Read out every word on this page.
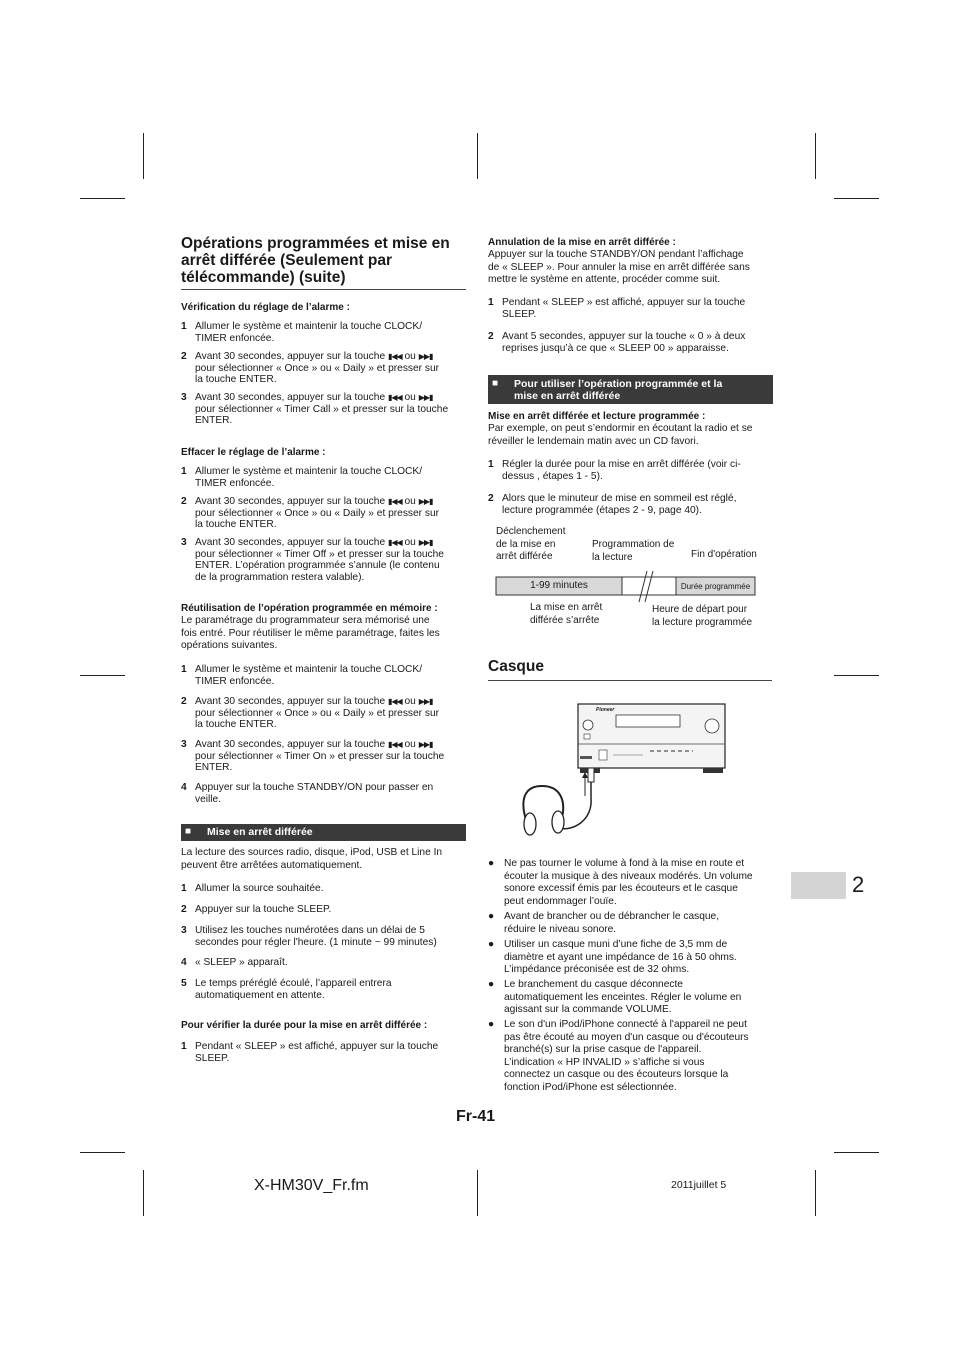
Opérations programmées et mise en
arrêt différée (Seulement par
télécommande) (suite)
Vérification du réglage de l’alarme :
1 Allumer le système et maintenir la touche CLOCK/
TIMER enfoncée.
2 Avant 30 secondes, appuyer sur la touche ▮◀◀ ou ▶▶▮
pour sélectionner « Once » ou « Daily » et presser sur
la touche ENTER.
3 Avant 30 secondes, appuyer sur la touche ▮◀◀ ou ▶▶▮
pour sélectionner « Timer Call » et presser sur la touche
ENTER.
Effacer le réglage de l’alarme :
1 Allumer le système et maintenir la touche CLOCK/
TIMER enfoncée.
2 Avant 30 secondes, appuyer sur la touche ▮◀◀ ou ▶▶▮
pour sélectionner « Once » ou « Daily » et presser sur
la touche ENTER.
3 Avant 30 secondes, appuyer sur la touche ▮◀◀ ou ▶▶▮
pour sélectionner « Timer Off » et presser sur la touche
ENTER. L’opération programmée s’annule (le contenu
de la programmation restera valable).
Réutilisation de l’opération programmée en mémoire :
Le paramétrage du programmateur sera mémorisé une
fois entré. Pour réutiliser le même paramétrage, faites les
opérations suivantes.
1 Allumer le système et maintenir la touche CLOCK/
TIMER enfoncée.
2 Avant 30 secondes, appuyer sur la touche ▮◀◀ ou ▶▶▮
pour sélectionner « Once » ou « Daily » et presser sur
la touche ENTER.
3 Avant 30 secondes, appuyer sur la touche ▮◀◀ ou ▶▶▮
pour sélectionner « Timer On » et presser sur la touche
ENTER.
4 Appuyer sur la touche STANDBY/ON pour passer en
veille.
■ Mise en arrêt différée
La lecture des sources radio, disque, iPod, USB et Line In
peuvent être arrêtées automatiquement.
1 Allumer la source souhaitée.
2 Appuyer sur la touche SLEEP.
3 Utilisez les touches numérotées dans un délai de 5
secondes pour régler l'heure. (1 minute ~ 99 minutes)
4 « SLEEP » apparaît.
5 Le temps préréglé écoulé, l’appareil entrera
automatiquement en attente.
Pour vérifier la durée pour la mise en arrêt différée :
1 Pendant « SLEEP » est affiché, appuyer sur la touche
SLEEP.
Annulation de la mise en arrêt différée :
Appuyer sur la touche STANDBY/ON pendant l’affichage
de « SLEEP ». Pour annuler la mise en arrêt différée sans
mettre le système en attente, procéder comme suit.
1 Pendant « SLEEP » est affiché, appuyer sur la touche
SLEEP.
2 Avant 5 secondes, appuyer sur la touche « 0 » à deux
reprises jusqu’à ce que « SLEEP 00 » apparaisse.
■ Pour utiliser l’opération programmée et la
mise en arrêt différée
Mise en arrêt différée et lecture programmée :
Par exemple, on peut s’endormir en écoutant la radio et se
réveiller le lendemain matin avec un CD favori.
1 Régler la durée pour la mise en arrêt différée (voir ci-
dessus , étapes 1 - 5).
2 Alors que le minuteur de mise en sommeil est réglé,
lecture programmée (étapes 2 - 9, page 40).
Déclenchement
de la mise en
arrêt différée
Programmation de
la lecture	Fin d'opération
1-99 minutes	Durée programmée
La mise en arrêt
différée s’arrête
Heure de départ pour
la lecture programmée
Casque
Pioneer
● Ne pas tourner le volume à fond à la mise en route et
écouter la musique à des niveaux modérés. Un volume
sonore excessif émis par les écouteurs et le casque
peut endommager l’ouïe.
● Avant de brancher ou de débrancher le casque,
réduire le niveau sonore.
● Utiliser un casque muni d’une fiche de 3,5 mm de
diamètre et ayant une impédance de 16 à 50 ohms.
L’impédance préconisée est de 32 ohms.
● Le branchement du casque déconnecte
automatiquement les enceintes. Régler le volume en
agissant sur la commande VOLUME.
● Le son d'un iPod/iPhone connecté à l'appareil ne peut
pas être écouté au moyen d'un casque ou d'écouteurs
branché(s) sur la prise casque de l'appareil.
L’indication « HP INVALID » s’affiche si vous
connectez un casque ou des écouteurs lorsque la
fonction iPod/iPhone est sélectionnée.
2
Fr-41
X-HM30V_Fr.fm	2011juillet 5
